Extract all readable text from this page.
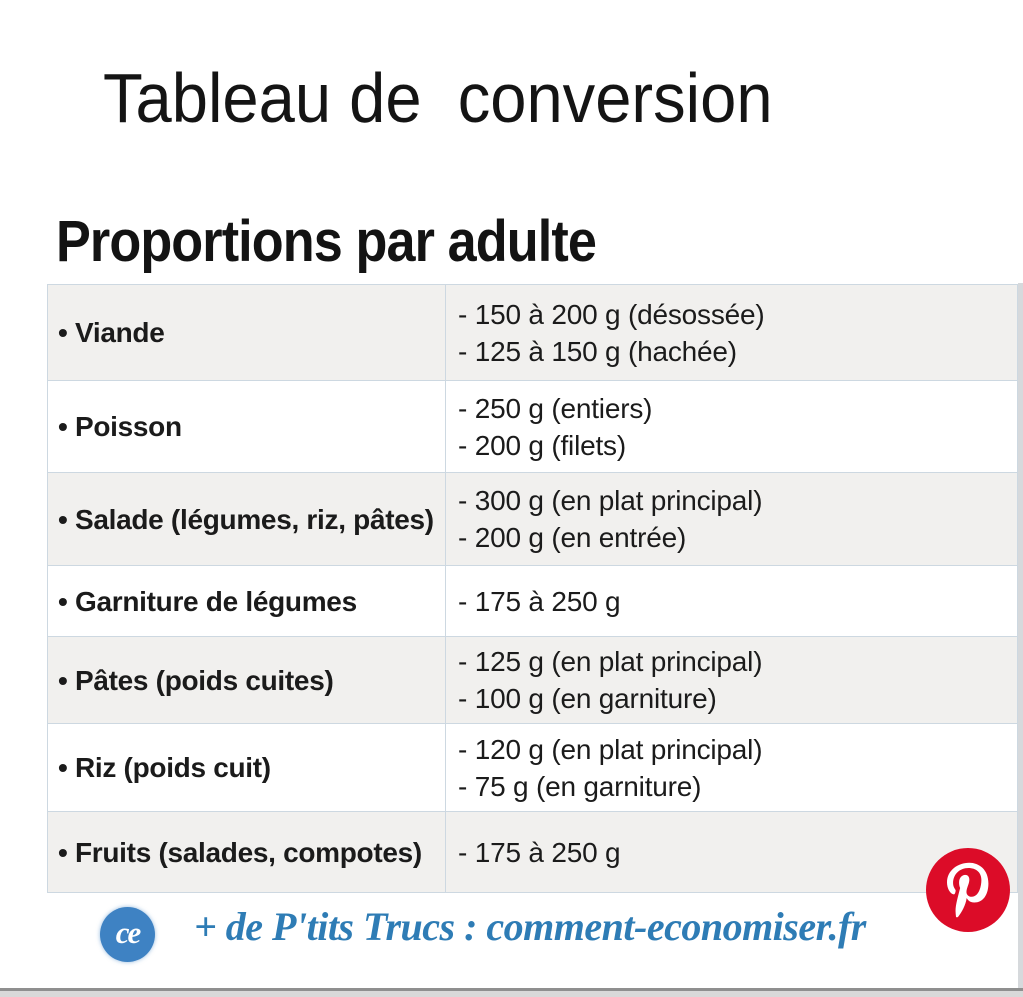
Tableau de  conversion
Proportions par adulte
• Viande	- 150 à 200 g (désossée)
- 125 à 150 g (hachée)

• Poisson	- 250 g (entiers)
- 200 g (filets)

• Salade (légumes, riz, pâtes)	- 300 g (en plat principal)
- 200 g (en entrée)

• Garniture de légumes	- 175 à 250 g

• Pâtes (poids cuites)	- 125 g (en plat principal)
- 100 g (en garniture)

• Riz (poids cuit)	- 120 g (en plat principal)
- 75 g (en garniture)

• Fruits (salades, compotes)	- 175 à 250 g
ce + de P'tits Trucs : comment-economiser.fr
